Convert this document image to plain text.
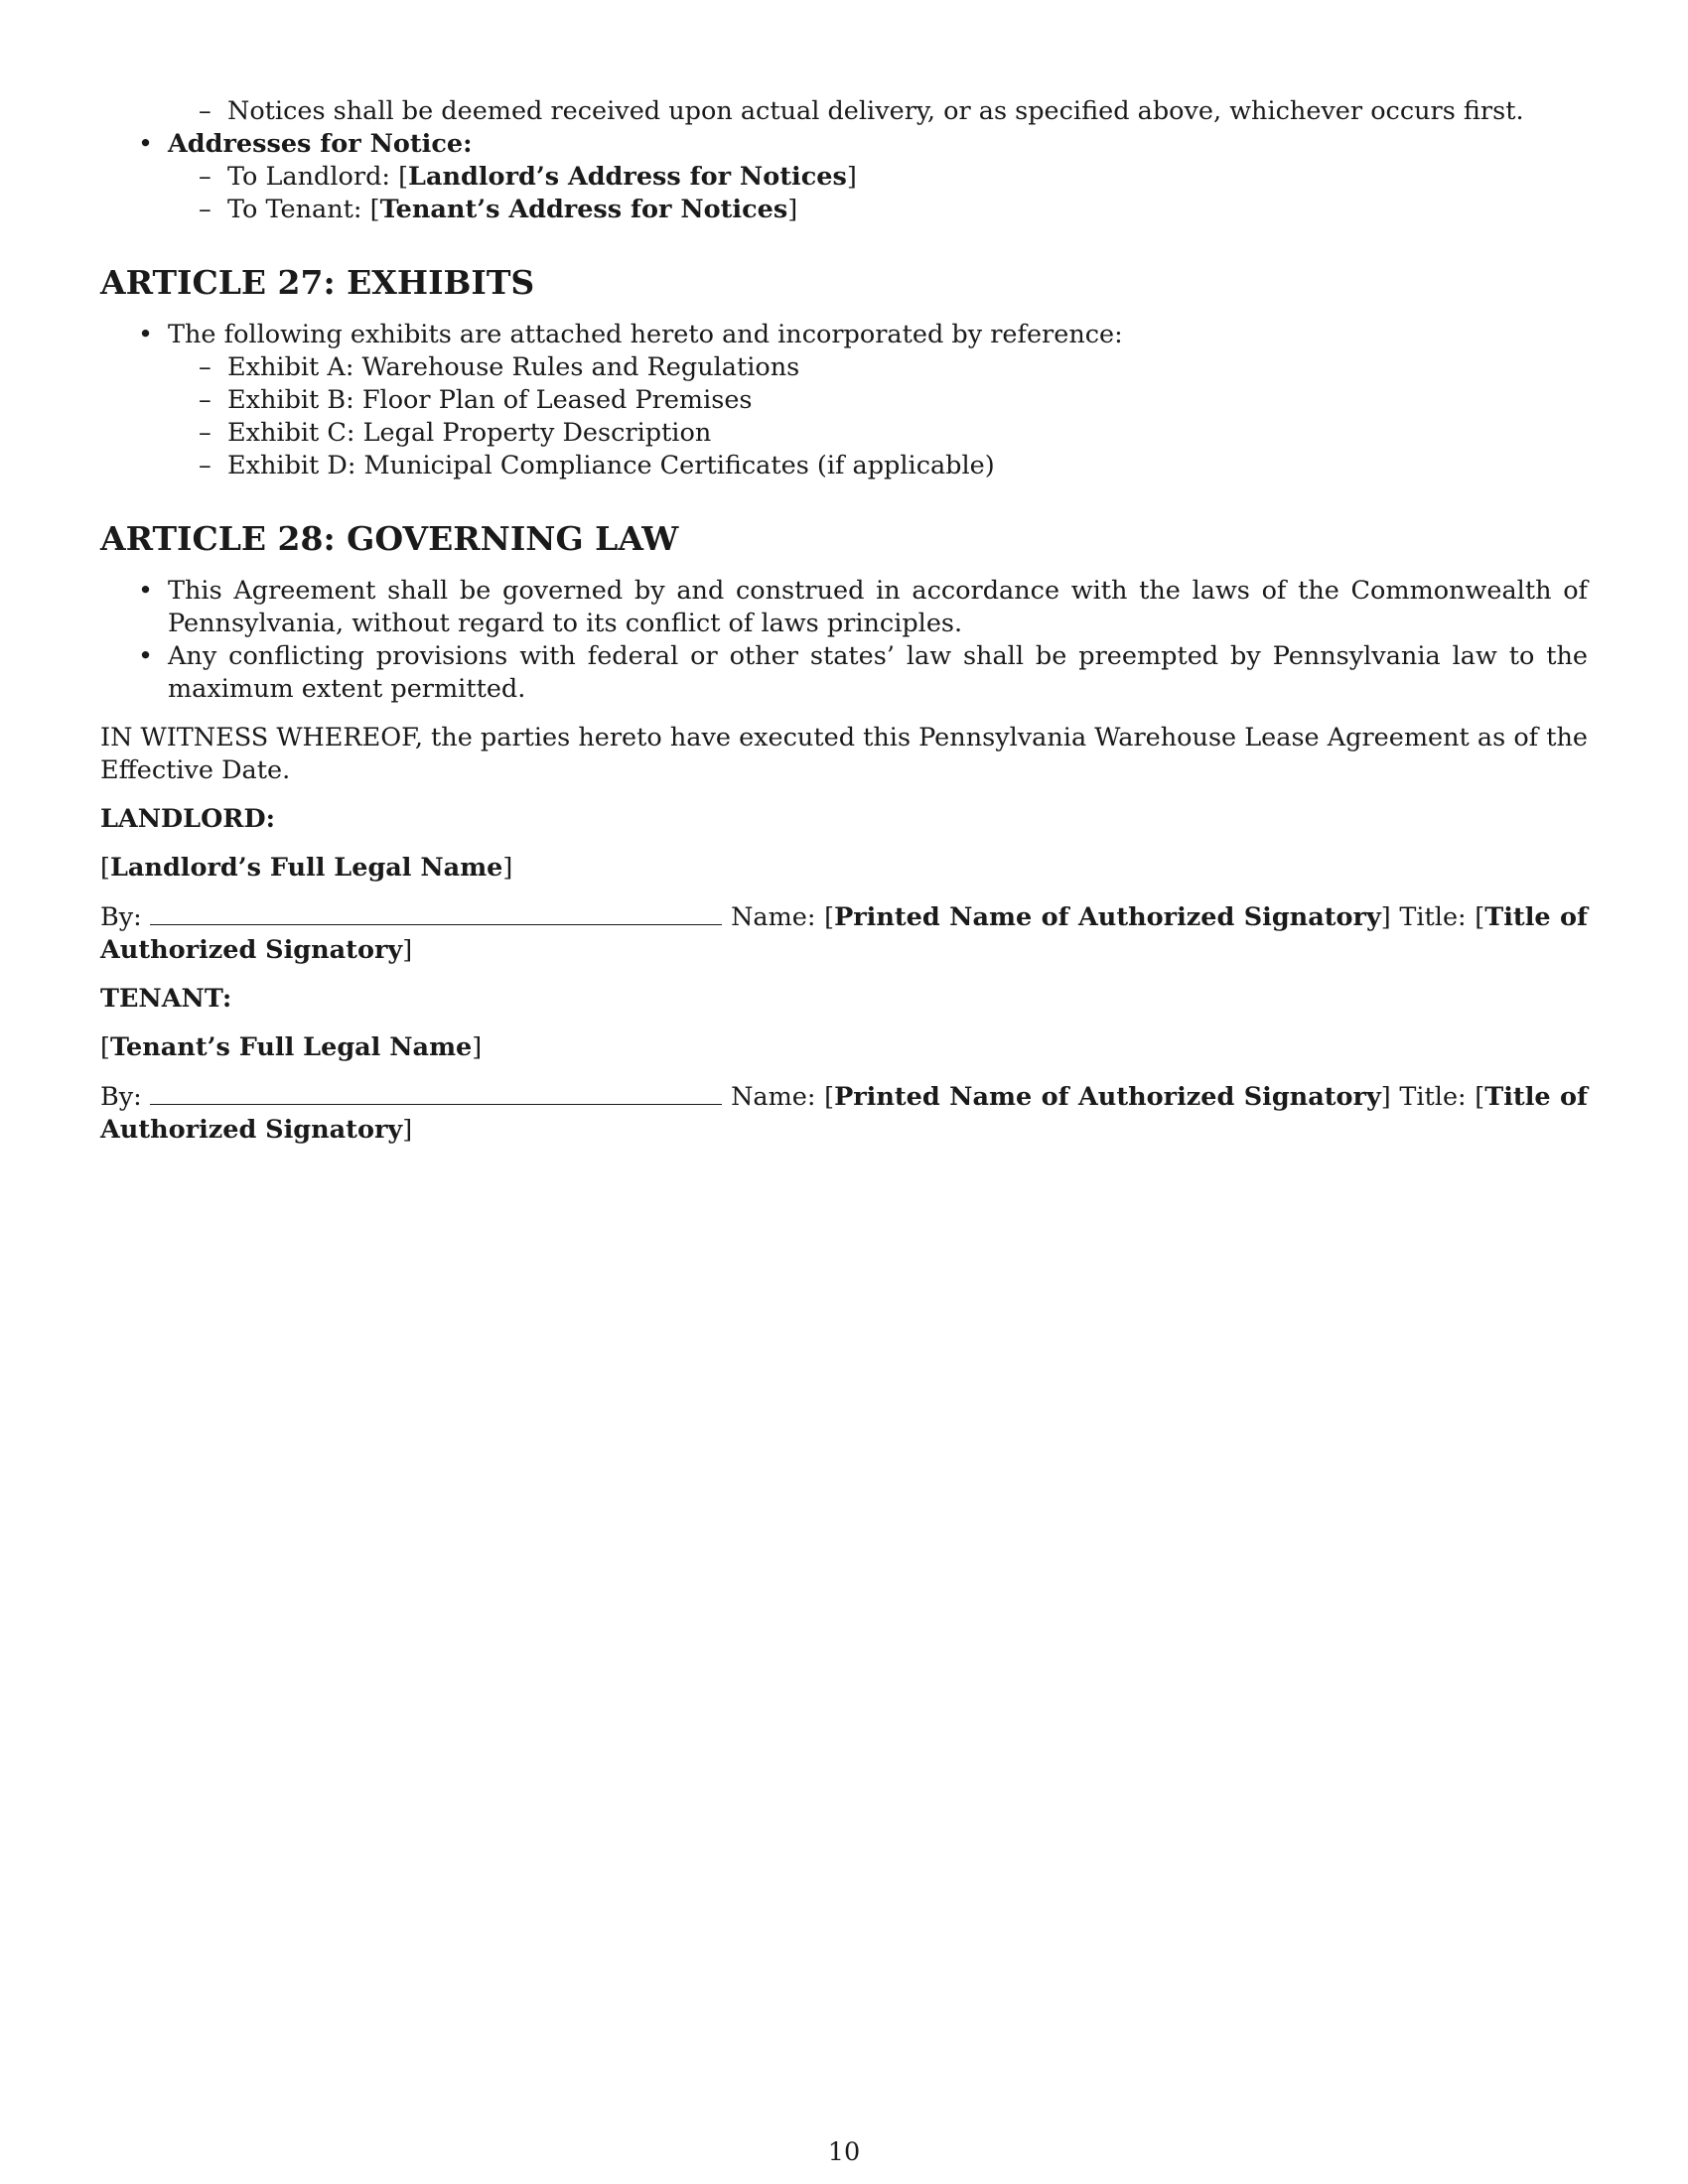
– Notices shall be deemed received upon actual delivery, or as specified above, whichever occurs first.
• Addresses for Notice:
– To Landlord: [Landlord’s Address for Notices]
– To Tenant: [Tenant’s Address for Notices]
ARTICLE 27: EXHIBITS
• The following exhibits are attached hereto and incorporated by reference:
– Exhibit A: Warehouse Rules and Regulations
– Exhibit B: Floor Plan of Leased Premises
– Exhibit C: Legal Property Description
– Exhibit D: Municipal Compliance Certificates (if applicable)
ARTICLE 28: GOVERNING LAW
• This Agreement shall be governed by and construed in accordance with the laws of the Commonwealth of Pennsylvania, without regard to its conflict of laws principles.
• Any conflicting provisions with federal or other states’ law shall be preempted by Pennsylvania law to the maximum extent permitted.

IN WITNESS WHEREOF, the parties hereto have executed this Pennsylvania Warehouse Lease Agreement as of the Effective Date.

LANDLORD:

[Landlord’s Full Legal Name]

By:	Name: [Printed Name of Authorized Signatory] Title: [Title of Authorized Signatory]

TENANT:

[Tenant’s Full Legal Name]

By:	Name: [Printed Name of Authorized Signatory] Title: [Title of Authorized Signatory]

10
